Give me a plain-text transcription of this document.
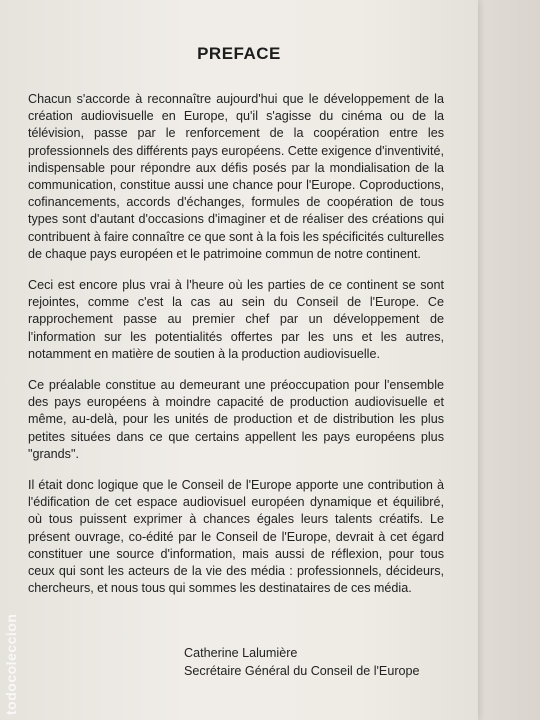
PREFACE

Chacun s'accorde à reconnaître aujourd'hui que le développement de la création audiovisuelle en Europe, qu'il s'agisse du cinéma ou de la télévision, passe par le renforcement de la coopération entre les professionnels des différents pays européens. Cette exigence d'inventivité, indispensable pour répondre aux défis posés par la mondialisation de la communication, constitue aussi une chance pour l'Europe. Coproductions, cofinancements, accords d'échanges, formules de coopération de tous types sont d'autant d'occasions d'imaginer et de réaliser des créations qui contribuent à faire connaître ce que sont à la fois les spécificités culturelles de chaque pays européen et le patrimoine commun de notre continent.

Ceci est encore plus vrai à l'heure où les parties de ce continent se sont rejointes, comme c'est la cas au sein du Conseil de l'Europe. Ce rapprochement passe au premier chef par un développement de l'information sur les potentialités offertes par les uns et les autres, notamment en matière de soutien à la production audiovisuelle.

Ce préalable constitue au demeurant une préoccupation pour l'ensemble des pays européens à moindre capacité de production audiovisuelle et même, au-delà, pour les unités de production et de distribution les plus petites situées dans ce que certains appellent les pays européens plus "grands".

Il était donc logique que le Conseil de l'Europe apporte une contribution à l'édification de cet espace audiovisuel européen dynamique et équilibré, où tous puissent exprimer à chances égales leurs talents créatifs. Le présent ouvrage, co-édité par le Conseil de l'Europe, devrait à cet égard constituer une source d'information, mais aussi de réflexion, pour tous ceux qui sont les acteurs de la vie des média : professionnels, décideurs, chercheurs, et nous tous qui sommes les destinataires de ces média.

Catherine Lalumière
Secrétaire Général du Conseil de l'Europe
todocoleccion
